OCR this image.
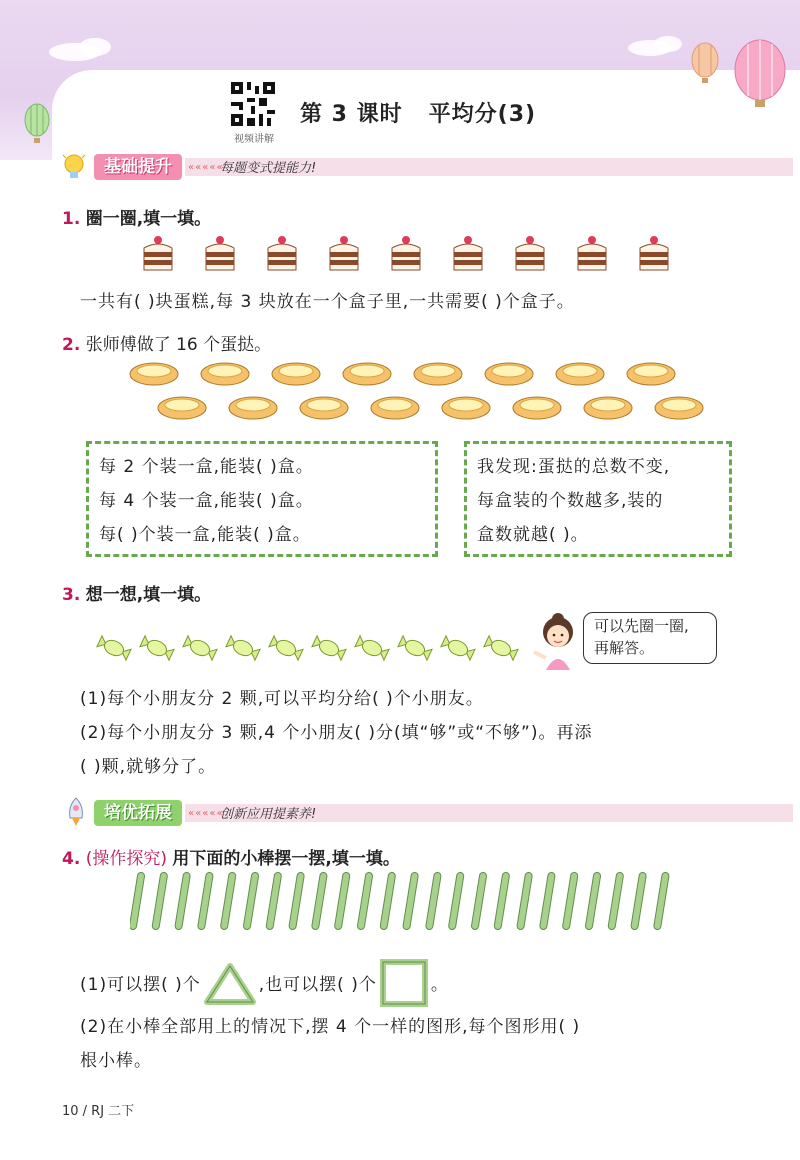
视频讲解
第 3 课时 平均分(3)
基础提升	«««««
每题变式提能力!
1. 圈一圈,填一填。
一共有( )块蛋糕,每 3 块放在一个盒子里,一共需要( )个盒子。
2. 张师傅做了 16 个蛋挞。
每 2 个装一盒,能装( )盒。
每 4 个装一盒,能装( )盒。
每( )个装一盒,能装( )盒。
我发现:蛋挞的总数不变,
每盒装的个数越多,装的
盒数就越( )。
3. 想一想,填一填。
可以先圈一圈,
再解答。
(1)每个小朋友分 2 颗,可以平均分给( )个小朋友。
(2)每个小朋友分 3 颗,4 个小朋友( )分(填“够”或“不够”)。再添
( )颗,就够分了。
培优拓展	«««««
创新应用提素养!
4. (操作探究) 用下面的小棒摆一摆,填一填。
(1)可以摆( )个	,也可以摆( )个	。
(2)在小棒全部用上的情况下,摆 4 个一样的图形,每个图形用( )
根小棒。
10 / RJ 二下
